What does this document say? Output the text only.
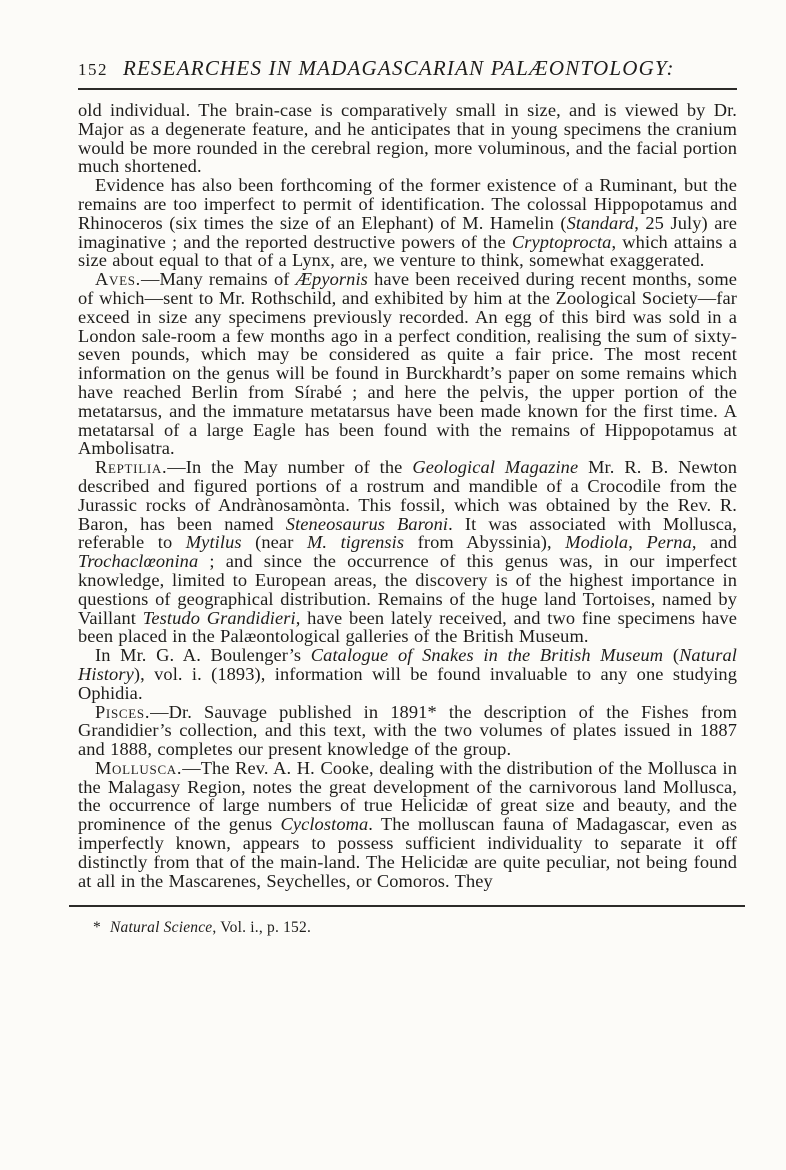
152 RESEARCHES IN MADAGASCARIAN PALÆONTOLOGY:

old individual. The brain-case is comparatively small in size, and is viewed by Dr. Major as a degenerate feature, and he anticipates that in young specimens the cranium would be more rounded in the cerebral region, more voluminous, and the facial portion much shortened.

Evidence has also been forthcoming of the former existence of a Ruminant, but the remains are too imperfect to permit of identification. The colossal Hippopotamus and Rhinoceros (six times the size of an Elephant) of M. Hamelin (Standard, 25 July) are imaginative ; and the reported destructive powers of the Cryptoprocta, which attains a size about equal to that of a Lynx, are, we venture to think, somewhat exaggerated.

Aves.—Many remains of Æpyornis have been received during recent months, some of which—sent to Mr. Rothschild, and exhibited by him at the Zoological Society—far exceed in size any specimens previously recorded. An egg of this bird was sold in a London sale-room a few months ago in a perfect condition, realising the sum of sixty-seven pounds, which may be considered as quite a fair price. The most recent information on the genus will be found in Burckhardt’s paper on some remains which have reached Berlin from Sírabé ; and here the pelvis, the upper portion of the metatarsus, and the immature metatarsus have been made known for the first time. A metatarsal of a large Eagle has been found with the remains of Hippopotamus at Ambolisatra.

Reptilia.—In the May number of the Geological Magazine Mr. R. B. Newton described and figured portions of a rostrum and mandible of a Crocodile from the Jurassic rocks of Andrànosamònta. This fossil, which was obtained by the Rev. R. Baron, has been named Steneosaurus Baroni. It was associated with Mollusca, referable to Mytilus (near M. tigrensis from Abyssinia), Modiola, Perna, and Trochaclœonina ; and since the occurrence of this genus was, in our imperfect knowledge, limited to European areas, the discovery is of the highest importance in questions of geographical distribution. Remains of the huge land Tortoises, named by Vaillant Testudo Grandidieri, have been lately received, and two fine specimens have been placed in the Palæontological galleries of the British Museum.

In Mr. G. A. Boulenger’s Catalogue of Snakes in the British Museum (Natural History), vol. i. (1893), information will be found invaluable to any one studying Ophidia.

Pisces.—Dr. Sauvage published in 1891* the description of the Fishes from Grandidier’s collection, and this text, with the two volumes of plates issued in 1887 and 1888, completes our present knowledge of the group.

Mollusca.—The Rev. A. H. Cooke, dealing with the distribution of the Mollusca in the Malagasy Region, notes the great development of the carnivorous land Mollusca, the occurrence of large numbers of true Helicidæ of great size and beauty, and the prominence of the genus Cyclostoma. The molluscan fauna of Madagascar, even as imperfectly known, appears to possess sufficient individuality to separate it off distinctly from that of the main-land. The Helicidæ are quite peculiar, not being found at all in the Mascarenes, Seychelles, or Comoros. They

* Natural Science, Vol. i., p. 152.
